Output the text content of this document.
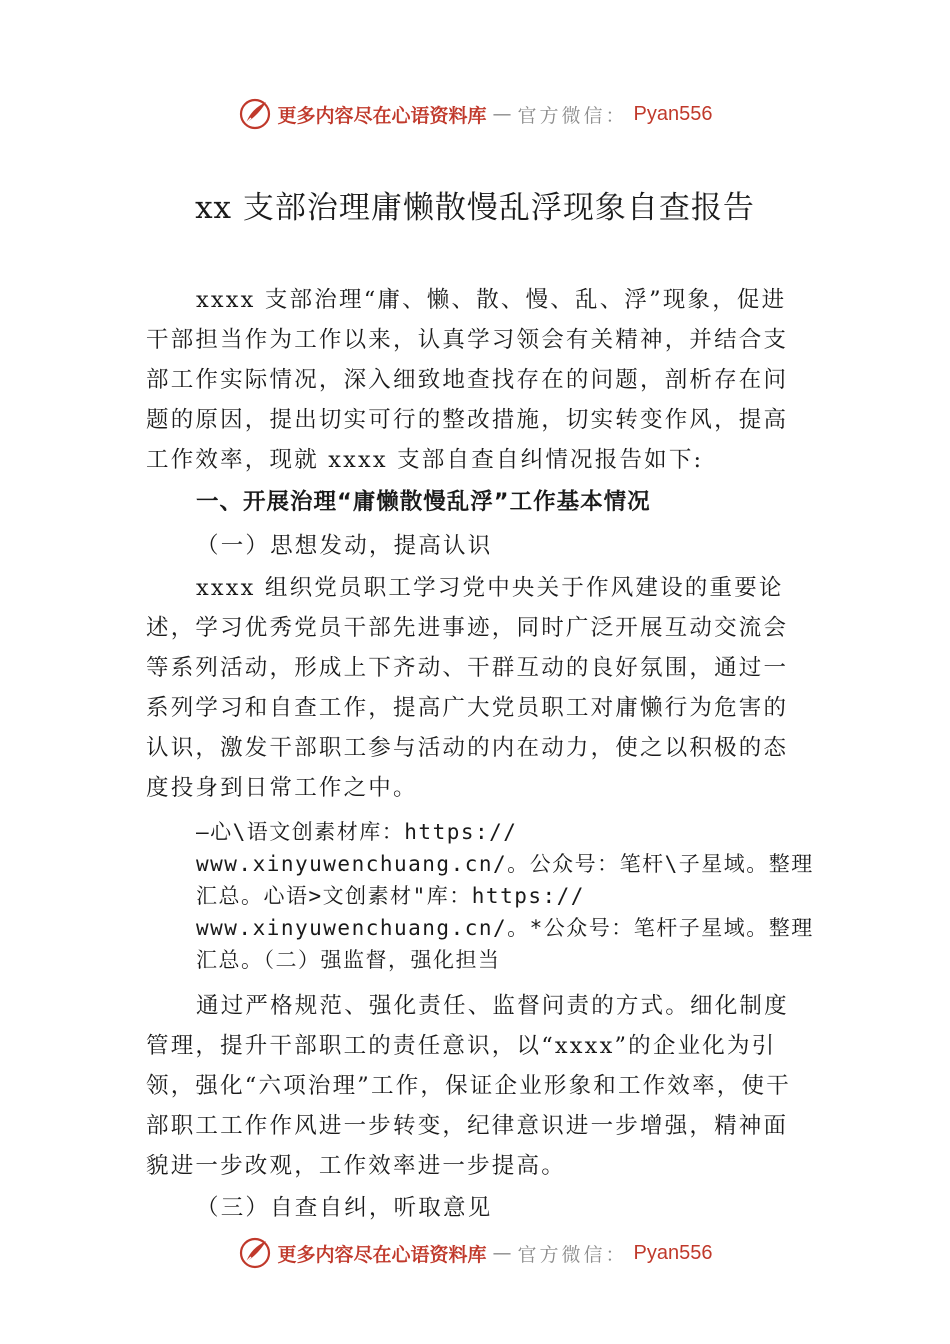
更多内容尽在心语资料库 — 官方微信： Pyan556
xx 支部治理庸懒散慢乱浮现象自查报告

xxxx 支部治理“庸、懒、散、慢、乱、浮”现象，促进干部担当作为工作以来，认真学习领会有关精神，并结合支部工作实际情况，深入细致地查找存在的问题，剖析存在问题的原因，提出切实可行的整改措施，切实转变作风，提高工作效率，现就 xxxx 支部自查自纠情况报告如下:

一、开展治理“庸懒散慢乱浮”工作基本情况

（一）思想发动，提高认识

xxxx 组织党员职工学习党中央关于作风建设的重要论述，学习优秀党员干部先进事迹，同时广泛开展互动交流会等系列活动，形成上下齐动、干群互动的良好氛围，通过一系列学习和自查工作，提高广大党员职工对庸懒行为危害的认识，激发干部职工参与活动的内在动力，使之以积极的态度投身到日常工作之中。

—心\语文创素材库：https://
www.xinyuwenchuang.cn/。公众号：笔杆\子星域。整理
汇总。心语>文创素材"库：https://
www.xinyuwenchuang.cn/。*公众号：笔杆子星域。整理
汇总。（二）强监督，强化担当

通过严格规范、强化责任、监督问责的方式。细化制度管理，提升干部职工的责任意识，以“xxxx”的企业化为引领，强化“六项治理”工作，保证企业形象和工作效率，使干部职工工作作风进一步转变，纪律意识进一步增强，精神面貌进一步改观，工作效率进一步提高。

（三）自查自纠，听取意见

更多内容尽在心语资料库 — 官方微信： Pyan556
